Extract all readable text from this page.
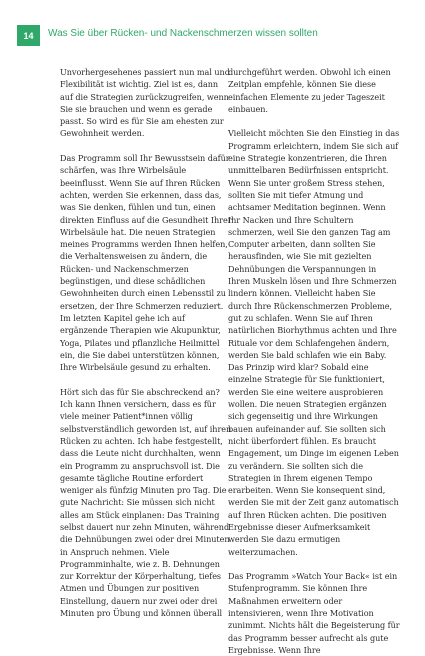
14	Was Sie über Rücken- und Nackenschmerzen wissen sollten

Unvorhergesehenes passiert nun mal und Flexibilität ist wichtig. Ziel ist es, dann auf die Strategien zurückzugreifen, wenn Sie sie brauchen und wenn es gerade passt. So wird es für Sie am ehesten zur Gewohnheit werden.

Das Programm soll Ihr Bewusstsein dafür schärfen, was Ihre Wirbelsäule beeinflusst. Wenn Sie auf Ihren Rücken achten, werden Sie erkennen, dass das, was Sie denken, fühlen und tun, einen direkten Einfluss auf die Gesundheit Ihrer Wirbelsäule hat. Die neuen Strategien meines Programms werden Ihnen helfen, die Verhaltensweisen zu ändern, die Rücken- und Nackenschmerzen begünstigen, und diese schädlichen Gewohnheiten durch einen Lebensstil zu ersetzen, der Ihre Schmerzen reduziert. Im letzten Kapitel gehe ich auf ergänzende Therapien wie Akupunktur, Yoga, Pilates und pflanzliche Heilmittel ein, die Sie dabei unterstützen können, Ihre Wirbelsäule gesund zu erhalten.

Hört sich das für Sie abschreckend an? Ich kann Ihnen versichern, dass es für viele meiner Patient*innen völlig selbstverständlich geworden ist, auf ihren Rücken zu achten. Ich habe festgestellt, dass die Leute nicht durchhalten, wenn ein Programm zu anspruchsvoll ist. Die gesamte tägliche Routine erfordert weniger als fünfzig Minuten pro Tag. Die gute Nachricht: Sie müssen sich nicht alles am Stück einplanen: Das Training selbst dauert nur zehn Minuten, während die Dehnübungen zwei oder drei Minuten in Anspruch nehmen. Viele Programminhalte, wie z. B. Dehnungen zur Korrektur der Körperhaltung, tiefes Atmen und Übungen zur positiven Einstellung, dauern nur zwei oder drei Minuten pro Übung und können überall

durchgeführt werden. Obwohl ich einen Zeitplan empfehle, können Sie diese einfachen Elemente zu jeder Tageszeit einbauen.

Vielleicht möchten Sie den Einstieg in das Programm erleichtern, indem Sie sich auf eine Strategie konzentrieren, die Ihren unmittelbaren Bedürfnissen entspricht. Wenn Sie unter großem Stress stehen, sollten Sie mit tiefer Atmung und achtsamer Meditation beginnen. Wenn Ihr Nacken und Ihre Schultern schmerzen, weil Sie den ganzen Tag am Computer arbeiten, dann sollten Sie herausfinden, wie Sie mit gezielten Dehnübungen die Verspannungen in Ihren Muskeln lösen und Ihre Schmerzen lindern können. Vielleicht haben Sie durch Ihre Rückenschmerzen Probleme, gut zu schlafen. Wenn Sie auf Ihren natürlichen Biorhythmus achten und Ihre Rituale vor dem Schlafengehen ändern, werden Sie bald schlafen wie ein Baby. Das Prinzip wird klar? Sobald eine einzelne Strategie für Sie funktioniert, werden Sie eine weitere ausprobieren wollen. Die neuen Strategien ergänzen sich gegenseitig und ihre Wirkungen bauen aufeinander auf. Sie sollten sich nicht überfordert fühlen. Es braucht Engagement, um Dinge im eigenen Leben zu verändern. Sie sollten sich die Strategien in Ihrem eigenen Tempo erarbeiten. Wenn Sie konsequent sind, werden Sie mit der Zeit ganz automatisch auf Ihren Rücken achten. Die positiven Ergebnisse dieser Aufmerksamkeit werden Sie dazu ermutigen weiterzumachen.

Das Programm »Watch Your Back« ist ein Stufenprogramm. Sie können Ihre Maßnahmen erweitern oder intensivieren, wenn Ihre Motivation zunimmt. Nichts hält die Begeisterung für das Programm besser aufrecht als gute Ergebnisse. Wenn Ihre
